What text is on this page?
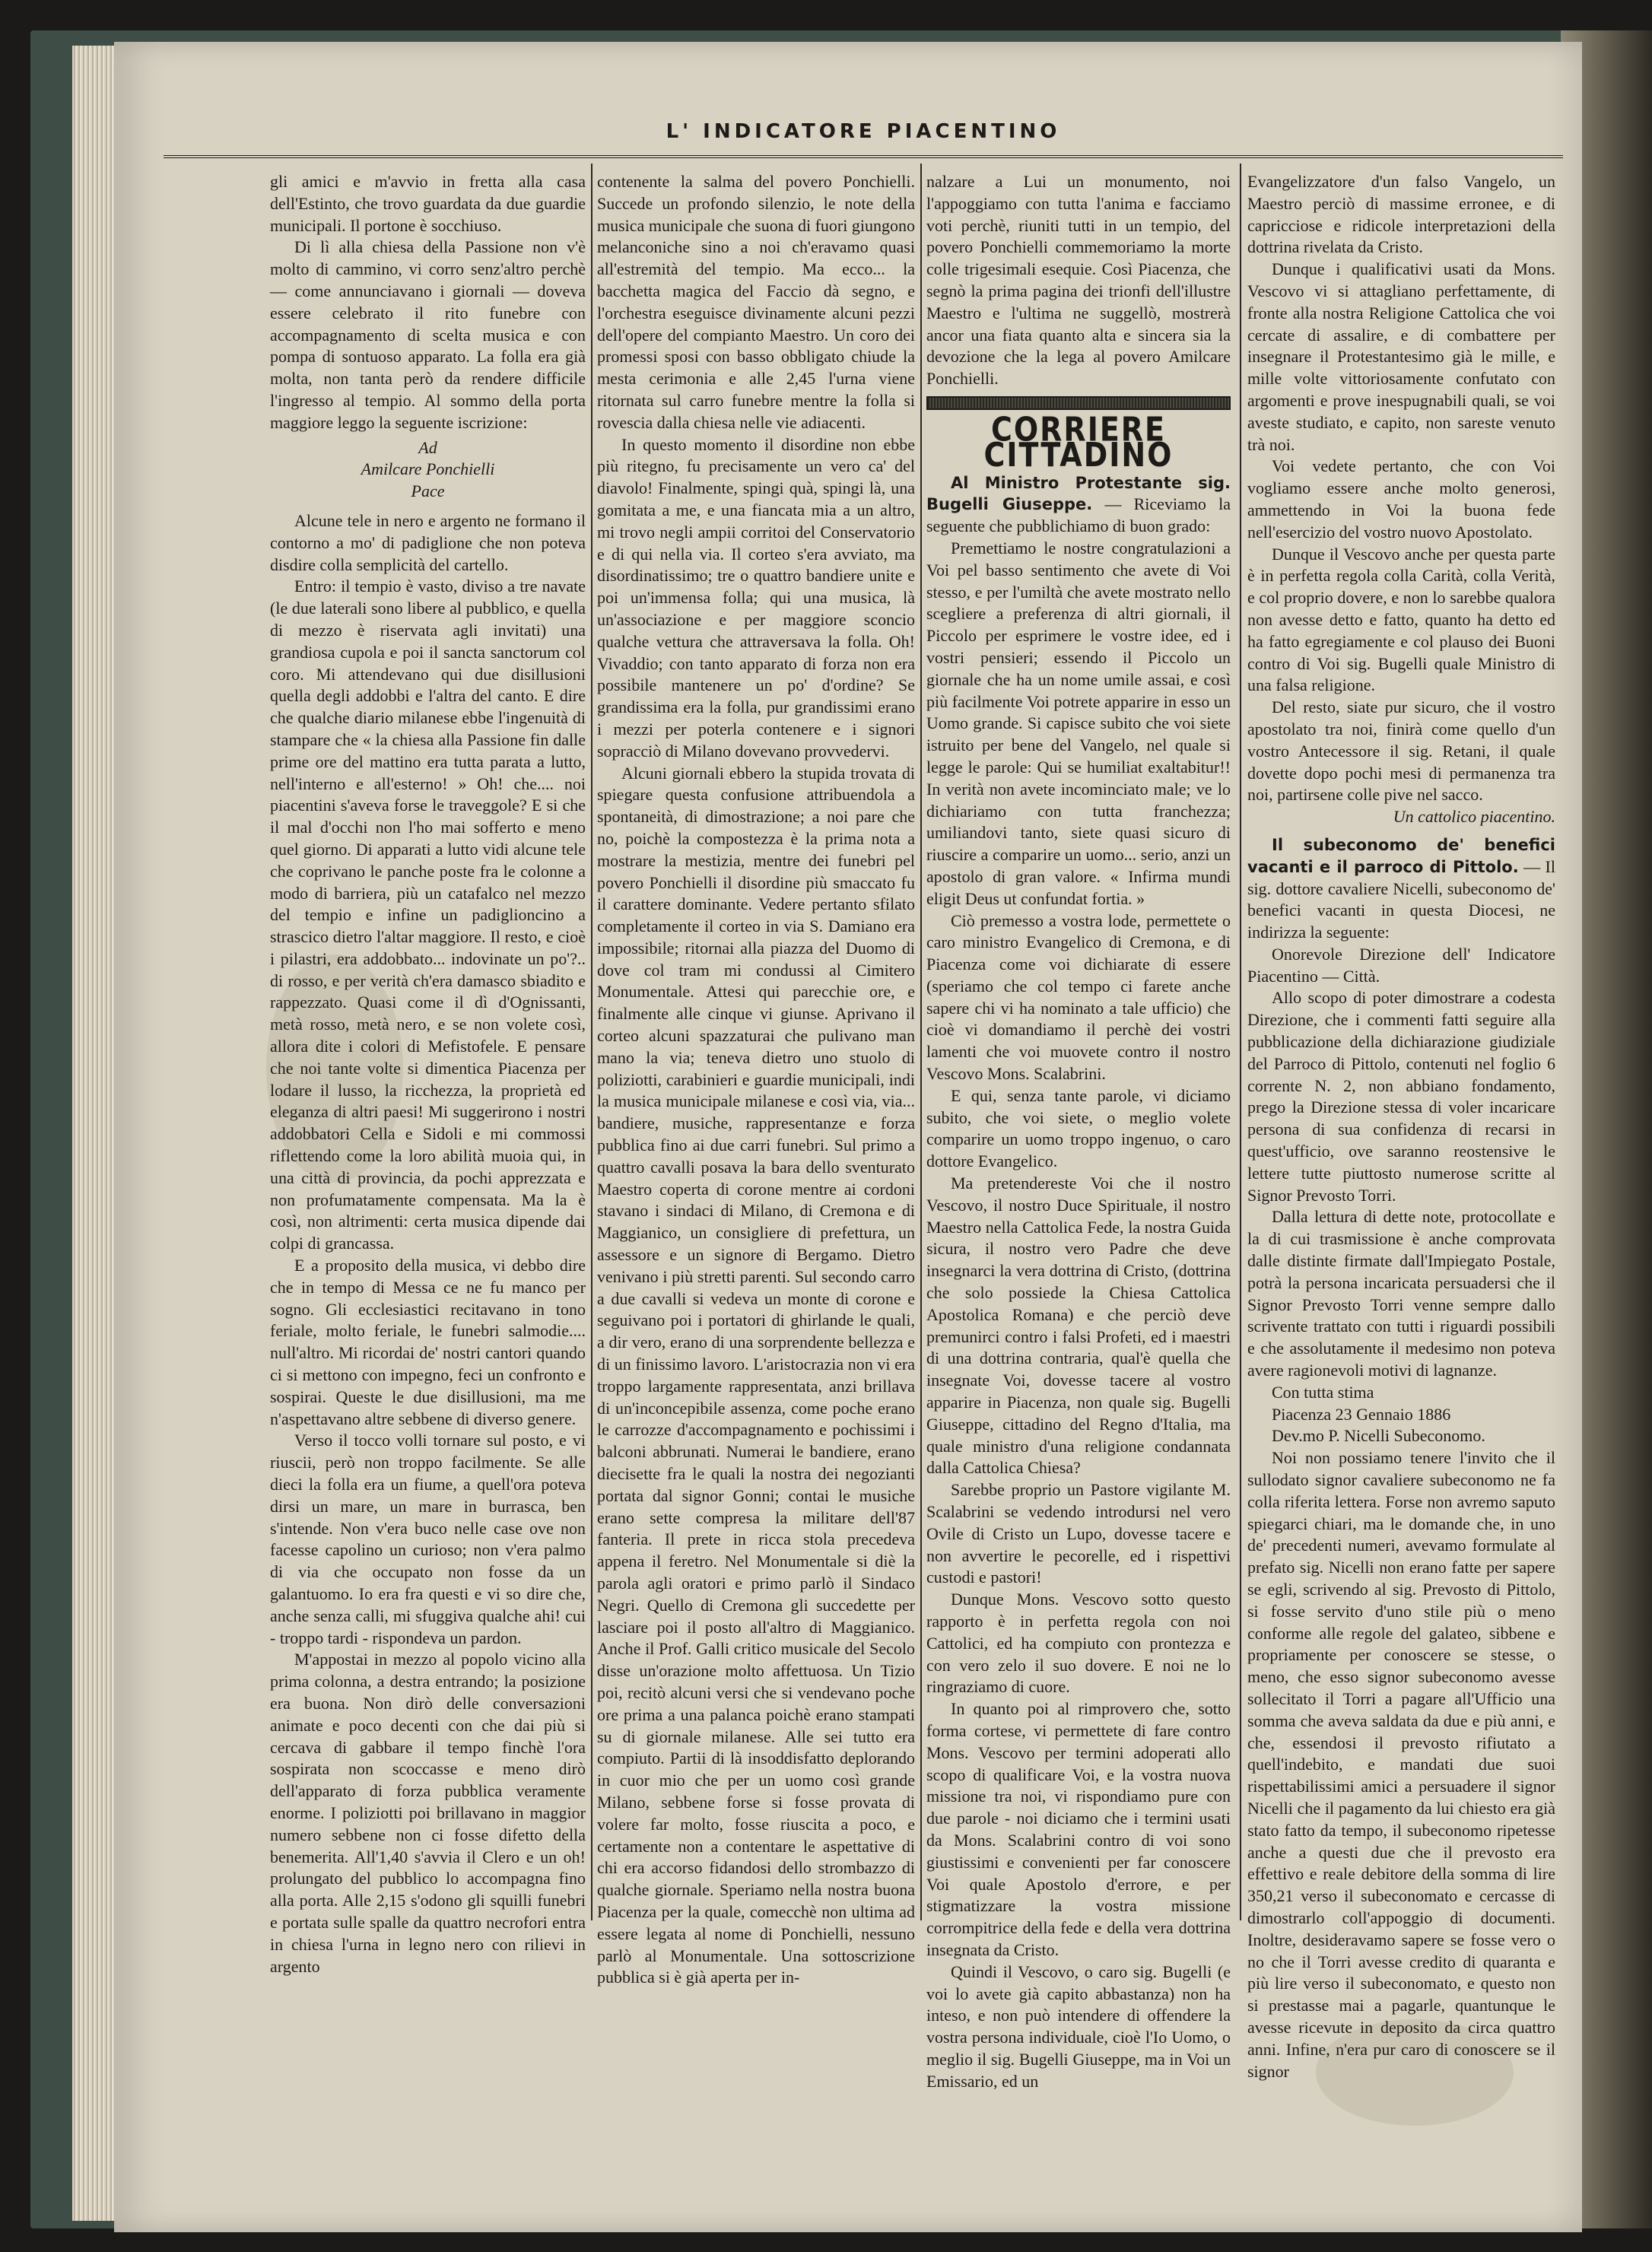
L' INDICATORE PIACENTINO

gli amici e m'avvio in fretta alla casa dell'Estinto, che trovo guardata da due guardie municipali. Il portone è socchiuso.

Di lì alla chiesa della Passione non v'è molto di cammino, vi corro senz'altro perchè — come annunciavano i giornali — doveva essere celebrato il rito funebre con accompagnamento di scelta musica e con pompa di sontuoso apparato. La folla era già molta, non tanta però da rendere difficile l'ingresso al tempio. Al sommo della porta maggiore leggo la seguente iscrizione:

Ad
Amilcare Ponchielli
Pace

Alcune tele in nero e argento ne formano il contorno a mo' di padiglione che non poteva disdire colla semplicità del cartello.

Entro: il tempio è vasto, diviso a tre navate (le due laterali sono libere al pubblico, e quella di mezzo è riservata agli invitati) una grandiosa cupola e poi il sancta sanctorum col coro. Mi attendevano qui due disillusioni quella degli addobbi e l'altra del canto. E dire che qualche diario milanese ebbe l'ingenuità di stampare che « la chiesa alla Passione fin dalle prime ore del mattino era tutta parata a lutto, nell'interno e all'esterno! » Oh! che.... noi piacentini s'aveva forse le traveggole? E si che il mal d'occhi non l'ho mai sofferto e meno quel giorno. Di apparati a lutto vidi alcune tele che coprivano le panche poste fra le colonne a modo di barriera, più un catafalco nel mezzo del tempio e infine un padiglioncino a strascico dietro l'altar maggiore. Il resto, e cioè i pilastri, era addobbato... indovinate un po'?.. di rosso, e per verità ch'era damasco sbiadito e rappezzato. Quasi come il dì d'Ognissanti, metà rosso, metà nero, e se non volete così, allora dite i colori di Mefistofele. E pensare che noi tante volte si dimentica Piacenza per lodare il lusso, la ricchezza, la proprietà ed eleganza di altri paesi! Mi suggerirono i nostri addobbatori Cella e Sidoli e mi commossi riflettendo come la loro abilità muoia qui, in una città di provincia, da pochi apprezzata e non profumatamente compensata. Ma la è così, non altrimenti: certa musica dipende dai colpi di grancassa.

E a proposito della musica, vi debbo dire che in tempo di Messa ce ne fu manco per sogno. Gli ecclesiastici recitavano in tono feriale, molto feriale, le funebri salmodie.... null'altro. Mi ricordai de' nostri cantori quando ci si mettono con impegno, feci un confronto e sospirai. Queste le due disillusioni, ma me n'aspettavano altre sebbene di diverso genere.

Verso il tocco volli tornare sul posto, e vi riuscii, però non troppo facilmente. Se alle dieci la folla era un fiume, a quell'ora poteva dirsi un mare, un mare in burrasca, ben s'intende. Non v'era buco nelle case ove non facesse capolino un curioso; non v'era palmo di via che occupato non fosse da un galantuomo. Io era fra questi e vi so dire che, anche senza calli, mi sfuggiva qualche ahi! cui - troppo tardi - rispondeva un pardon.

M'appostai in mezzo al popolo vicino alla prima colonna, a destra entrando; la posizione era buona. Non dirò delle conversazioni animate e poco decenti con che dai più si cercava di gabbare il tempo finchè l'ora sospirata non scoccasse e meno dirò dell'apparato di forza pubblica veramente enorme. I poliziotti poi brillavano in maggior numero sebbene non ci fosse difetto della benemerita. All'1,40 s'avvia il Clero e un oh! prolungato del pubblico lo accompagna fino alla porta. Alle 2,15 s'odono gli squilli funebri e portata sulle spalle da quattro necrofori entra in chiesa l'urna in legno nero con rilievi in argento

contenente la salma del povero Ponchielli. Succede un profondo silenzio, le note della musica municipale che suona di fuori giungono melanconiche sino a noi ch'eravamo quasi all'estremità del tempio. Ma ecco... la bacchetta magica del Faccio dà segno, e l'orchestra eseguisce divinamente alcuni pezzi dell'opere del compianto Maestro. Un coro dei promessi sposi con basso obbligato chiude la mesta cerimonia e alle 2,45 l'urna viene ritornata sul carro funebre mentre la folla si rovescia dalla chiesa nelle vie adiacenti.

In questo momento il disordine non ebbe più ritegno, fu precisamente un vero ca' del diavolo! Finalmente, spingi quà, spingi là, una gomitata a me, e una fiancata mia a un altro, mi trovo negli ampii corritoi del Conservatorio e di qui nella via. Il corteo s'era avviato, ma disordinatissimo; tre o quattro bandiere unite e poi un'immensa folla; qui una musica, là un'associazione e per maggiore sconcio qualche vettura che attraversava la folla. Oh! Vivaddio; con tanto apparato di forza non era possibile mantenere un po' d'ordine? Se grandissima era la folla, pur grandissimi erano i mezzi per poterla contenere e i signori sopracciò di Milano dovevano provvedervi.

Alcuni giornali ebbero la stupida trovata di spiegare questa confusione attribuendola a spontaneità, di dimostrazione; a noi pare che no, poichè la compostezza è la prima nota a mostrare la mestizia, mentre dei funebri pel povero Ponchielli il disordine più smaccato fu il carattere dominante. Vedere pertanto sfilato completamente il corteo in via S. Damiano era impossibile; ritornai alla piazza del Duomo di dove col tram mi condussi al Cimitero Monumentale. Attesi qui parecchie ore, e finalmente alle cinque vi giunse. Aprivano il corteo alcuni spazzaturai che pulivano man mano la via; teneva dietro uno stuolo di poliziotti, carabinieri e guardie municipali, indi la musica municipale milanese e così via, via... bandiere, musiche, rappresentanze e forza pubblica fino ai due carri funebri. Sul primo a quattro cavalli posava la bara dello sventurato Maestro coperta di corone mentre ai cordoni stavano i sindaci di Milano, di Cremona e di Maggianico, un consigliere di prefettura, un assessore e un signore di Bergamo. Dietro venivano i più stretti parenti. Sul secondo carro a due cavalli si vedeva un monte di corone e seguivano poi i portatori di ghirlande le quali, a dir vero, erano di una sorprendente bellezza e di un finissimo lavoro. L'aristocrazia non vi era troppo largamente rappresentata, anzi brillava di un'inconcepibile assenza, come poche erano le carrozze d'accompagnamento e pochissimi i balconi abbrunati. Numerai le bandiere, erano diecisette fra le quali la nostra dei negozianti portata dal signor Gonni; contai le musiche erano sette compresa la militare dell'87 fanteria. Il prete in ricca stola precedeva appena il feretro. Nel Monumentale si diè la parola agli oratori e primo parlò il Sindaco Negri. Quello di Cremona gli succedette per lasciare poi il posto all'altro di Maggianico. Anche il Prof. Galli critico musicale del Secolo disse un'orazione molto affettuosa. Un Tizio poi, recitò alcuni versi che si vendevano poche ore prima a una palanca poichè erano stampati su di giornale milanese. Alle sei tutto era compiuto. Partii di là insoddisfatto deplorando in cuor mio che per un uomo così grande Milano, sebbene forse si fosse provata di volere far molto, fosse riuscita a poco, e certamente non a contentare le aspettative di chi era accorso fidandosi dello strombazzo di qualche giornale. Speriamo nella nostra buona Piacenza per la quale, comecchè non ultima ad essere legata al nome di Ponchielli, nessuno parlò al Monumentale. Una sottoscrizione pubblica si è già aperta per in-

nalzare a Lui un monumento, noi l'appoggiamo con tutta l'anima e facciamo voti perchè, riuniti tutti in un tempio, del povero Ponchielli commemoriamo la morte colle trigesimali esequie. Così Piacenza, che segnò la prima pagina dei trionfi dell'illustre Maestro e l'ultima ne suggellò, mostrerà ancor una fiata quanto alta e sincera sia la devozione che la lega al povero Amilcare Ponchielli.

CORRIERE CITTADINO

Al Ministro Protestante sig. Bugelli Giuseppe. — Riceviamo la seguente che pubblichiamo di buon grado:

Premettiamo le nostre congratulazioni a Voi pel basso sentimento che avete di Voi stesso, e per l'umiltà che avete mostrato nello scegliere a preferenza di altri giornali, il Piccolo per esprimere le vostre idee, ed i vostri pensieri; essendo il Piccolo un giornale che ha un nome umile assai, e così più facilmente Voi potrete apparire in esso un Uomo grande. Si capisce subito che voi siete istruito per bene del Vangelo, nel quale si legge le parole: Qui se humiliat exaltabitur!! In verità non avete incominciato male; ve lo dichiariamo con tutta franchezza; umiliandovi tanto, siete quasi sicuro di riuscire a comparire un uomo... serio, anzi un apostolo di gran valore. « Infirma mundi eligit Deus ut confundat fortia. »

Ciò premesso a vostra lode, permettete o caro ministro Evangelico di Cremona, e di Piacenza come voi dichiarate di essere (speriamo che col tempo ci farete anche sapere chi vi ha nominato a tale ufficio) che cioè vi domandiamo il perchè dei vostri lamenti che voi muovete contro il nostro Vescovo Mons. Scalabrini.

E qui, senza tante parole, vi diciamo subito, che voi siete, o meglio volete comparire un uomo troppo ingenuo, o caro dottore Evangelico.

Ma pretendereste Voi che il nostro Vescovo, il nostro Duce Spirituale, il nostro Maestro nella Cattolica Fede, la nostra Guida sicura, il nostro vero Padre che deve insegnarci la vera dottrina di Cristo, (dottrina che solo possiede la Chiesa Cattolica Apostolica Romana) e che perciò deve premunirci contro i falsi Profeti, ed i maestri di una dottrina contraria, qual'è quella che insegnate Voi, dovesse tacere al vostro apparire in Piacenza, non quale sig. Bugelli Giuseppe, cittadino del Regno d'Italia, ma quale ministro d'una religione condannata dalla Cattolica Chiesa?

Sarebbe proprio un Pastore vigilante M. Scalabrini se vedendo introdursi nel vero Ovile di Cristo un Lupo, dovesse tacere e non avvertire le pecorelle, ed i rispettivi custodi e pastori!

Dunque Mons. Vescovo sotto questo rapporto è in perfetta regola con noi Cattolici, ed ha compiuto con prontezza e con vero zelo il suo dovere. E noi ne lo ringraziamo di cuore.

In quanto poi al rimprovero che, sotto forma cortese, vi permettete di fare contro Mons. Vescovo per termini adoperati allo scopo di qualificare Voi, e la vostra nuova missione tra noi, vi rispondiamo pure con due parole - noi diciamo che i termini usati da Mons. Scalabrini contro di voi sono giustissimi e convenienti per far conoscere Voi quale Apostolo d'errore, e per stigmatizzare la vostra missione corrompitrice della fede e della vera dottrina insegnata da Cristo.

Quindi il Vescovo, o caro sig. Bugelli (e voi lo avete già capito abbastanza) non ha inteso, e non può intendere di offendere la vostra persona individuale, cioè l'Io Uomo, o meglio il sig. Bugelli Giuseppe, ma in Voi un Emissario, ed un

Evangelizzatore d'un falso Vangelo, un Maestro perciò di massime erronee, e di capricciose e ridicole interpretazioni della dottrina rivelata da Cristo.

Dunque i qualificativi usati da Mons. Vescovo vi si attagliano perfettamente, di fronte alla nostra Religione Cattolica che voi cercate di assalire, e di combattere per insegnare il Protestantesimo già le mille, e mille volte vittoriosamente confutato con argomenti e prove inespugnabili quali, se voi aveste studiato, e capito, non sareste venuto trà noi.

Voi vedete pertanto, che con Voi vogliamo essere anche molto generosi, ammettendo in Voi la buona fede nell'esercizio del vostro nuovo Apostolato.

Dunque il Vescovo anche per questa parte è in perfetta regola colla Carità, colla Verità, e col proprio dovere, e non lo sarebbe qualora non avesse detto e fatto, quanto ha detto ed ha fatto egregiamente e col plauso dei Buoni contro di Voi sig. Bugelli quale Ministro di una falsa religione.

Del resto, siate pur sicuro, che il vostro apostolato tra noi, finirà come quello d'un vostro Antecessore il sig. Retani, il quale dovette dopo pochi mesi di permanenza tra noi, partirsene colle pive nel sacco.

Un cattolico piacentino.

Il subeconomo de' benefici vacanti e il parroco di Pittolo. — Il sig. dottore cavaliere Nicelli, subeconomo de' benefici vacanti in questa Diocesi, ne indirizza la seguente:

Onorevole Direzione dell' Indicatore Piacentino — Città.

Allo scopo di poter dimostrare a codesta Direzione, che i commenti fatti seguire alla pubblicazione della dichiarazione giudiziale del Parroco di Pittolo, contenuti nel foglio 6 corrente N. 2, non abbiano fondamento, prego la Direzione stessa di voler incaricare persona di sua confidenza di recarsi in quest'ufficio, ove saranno reostensive le lettere tutte piuttosto numerose scritte al Signor Prevosto Torri.

Dalla lettura di dette note, protocollate e la di cui trasmissione è anche comprovata dalle distinte firmate dall'Impiegato Postale, potrà la persona incaricata persuadersi che il Signor Prevosto Torri venne sempre dallo scrivente trattato con tutti i riguardi possibili e che assolutamente il medesimo non poteva avere ragionevoli motivi di lagnanze.

Con tutta stima

Piacenza 23 Gennaio 1886

Dev.mo P. Nicelli Subeconomo.

Noi non possiamo tenere l'invito che il sullodato signor cavaliere subeconomo ne fa colla riferita lettera. Forse non avremo saputo spiegarci chiari, ma le domande che, in uno de' precedenti numeri, avevamo formulate al prefato sig. Nicelli non erano fatte per sapere se egli, scrivendo al sig. Prevosto di Pittolo, si fosse servito d'uno stile più o meno conforme alle regole del galateo, sibbene e propriamente per conoscere se stesse, o meno, che esso signor subeconomo avesse sollecitato il Torri a pagare all'Ufficio una somma che aveva saldata da due e più anni, e che, essendosi il prevosto rifiutato a quell'indebito, e mandati due suoi rispettabilissimi amici a persuadere il signor Nicelli che il pagamento da lui chiesto era già stato fatto da tempo, il subeconomo ripetesse anche a questi due che il prevosto era effettivo e reale debitore della somma di lire 350,21 verso il subeconomato e cercasse di dimostrarlo coll'appoggio di documenti. Inoltre, desideravamo sapere se fosse vero o no che il Torri avesse credito di quaranta e più lire verso il subeconomato, e questo non si prestasse mai a pagarle, quantunque le avesse ricevute in deposito da circa quattro anni. Infine, n'era pur caro di conoscere se il signor
